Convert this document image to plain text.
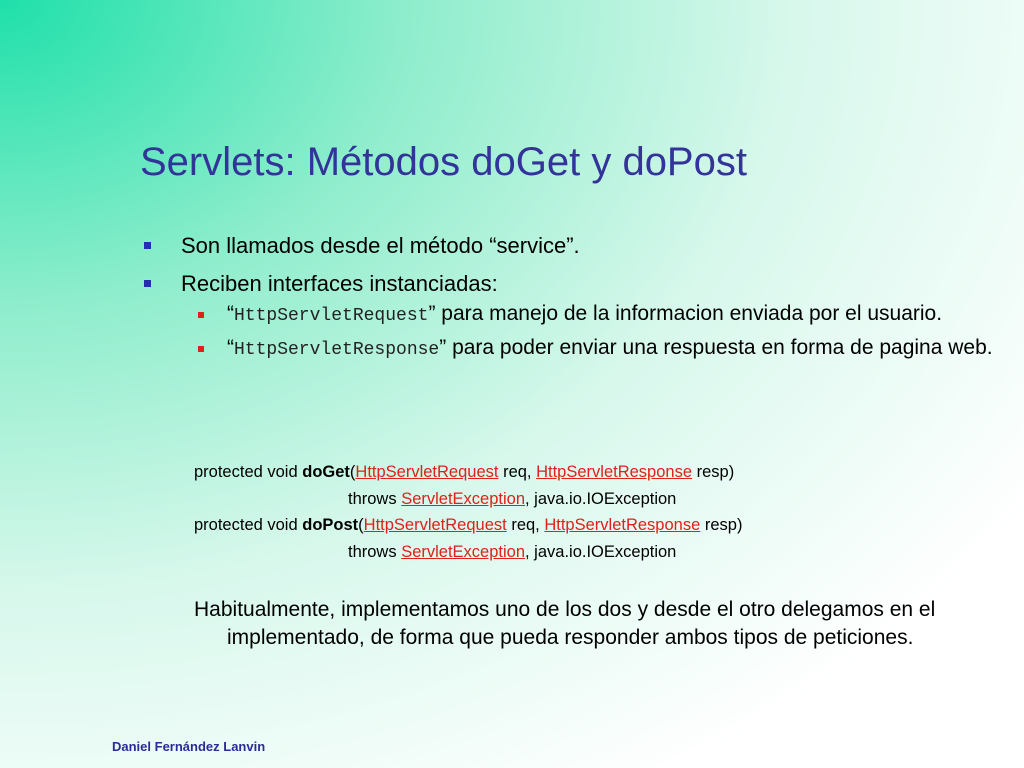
Servlets: Métodos doGet y doPost
Son llamados desde el método “service”.
Reciben interfaces instanciadas:
“HttpServletRequest” para manejo de la informacion enviada por el usuario.
“HttpServletResponse” para poder enviar una respuesta en forma de pagina web.
protected void doGet(HttpServletRequest req, HttpServletResponse resp)
throws ServletException, java.io.IOException
protected void doPost(HttpServletRequest req, HttpServletResponse resp)
throws ServletException, java.io.IOException
Habitualmente, implementamos uno de los dos y desde el otro delegamos en el implementado, de forma que pueda responder ambos tipos de peticiones.
Daniel Fernández Lanvin
